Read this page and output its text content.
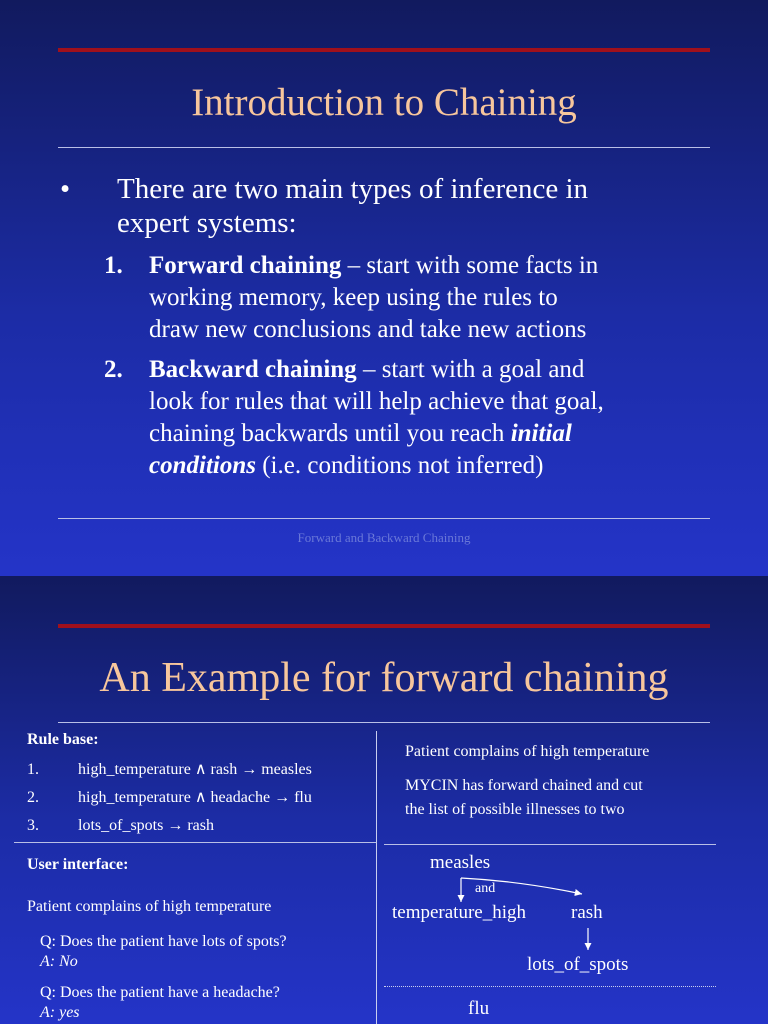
Introduction to Chaining
• There are two main types of inference in
expert systems:
1. Forward chaining – start with some facts in
working memory, keep using the rules to
draw new conclusions and take new actions
2. Backward chaining – start with a goal and
look for rules that will help achieve that goal,
chaining backwards until you reach initial
conditions (i.e. conditions not inferred)
Forward and Backward Chaining
An Example for forward chaining
Rule base:
1. high_temperature ∧ rash → measles
2. high_temperature ∧ headache → flu
3. lots_of_spots → rash
User interface:
Patient complains of high temperature
Q: Does the patient have lots of spots?
A: No
Q: Does the patient have a headache?
A: yes
Patient complains of high temperature
MYCIN has forward chained and cut
the list of possible illnesses to two
measles
and
temperature_high rash
lots_of_spots
flu
